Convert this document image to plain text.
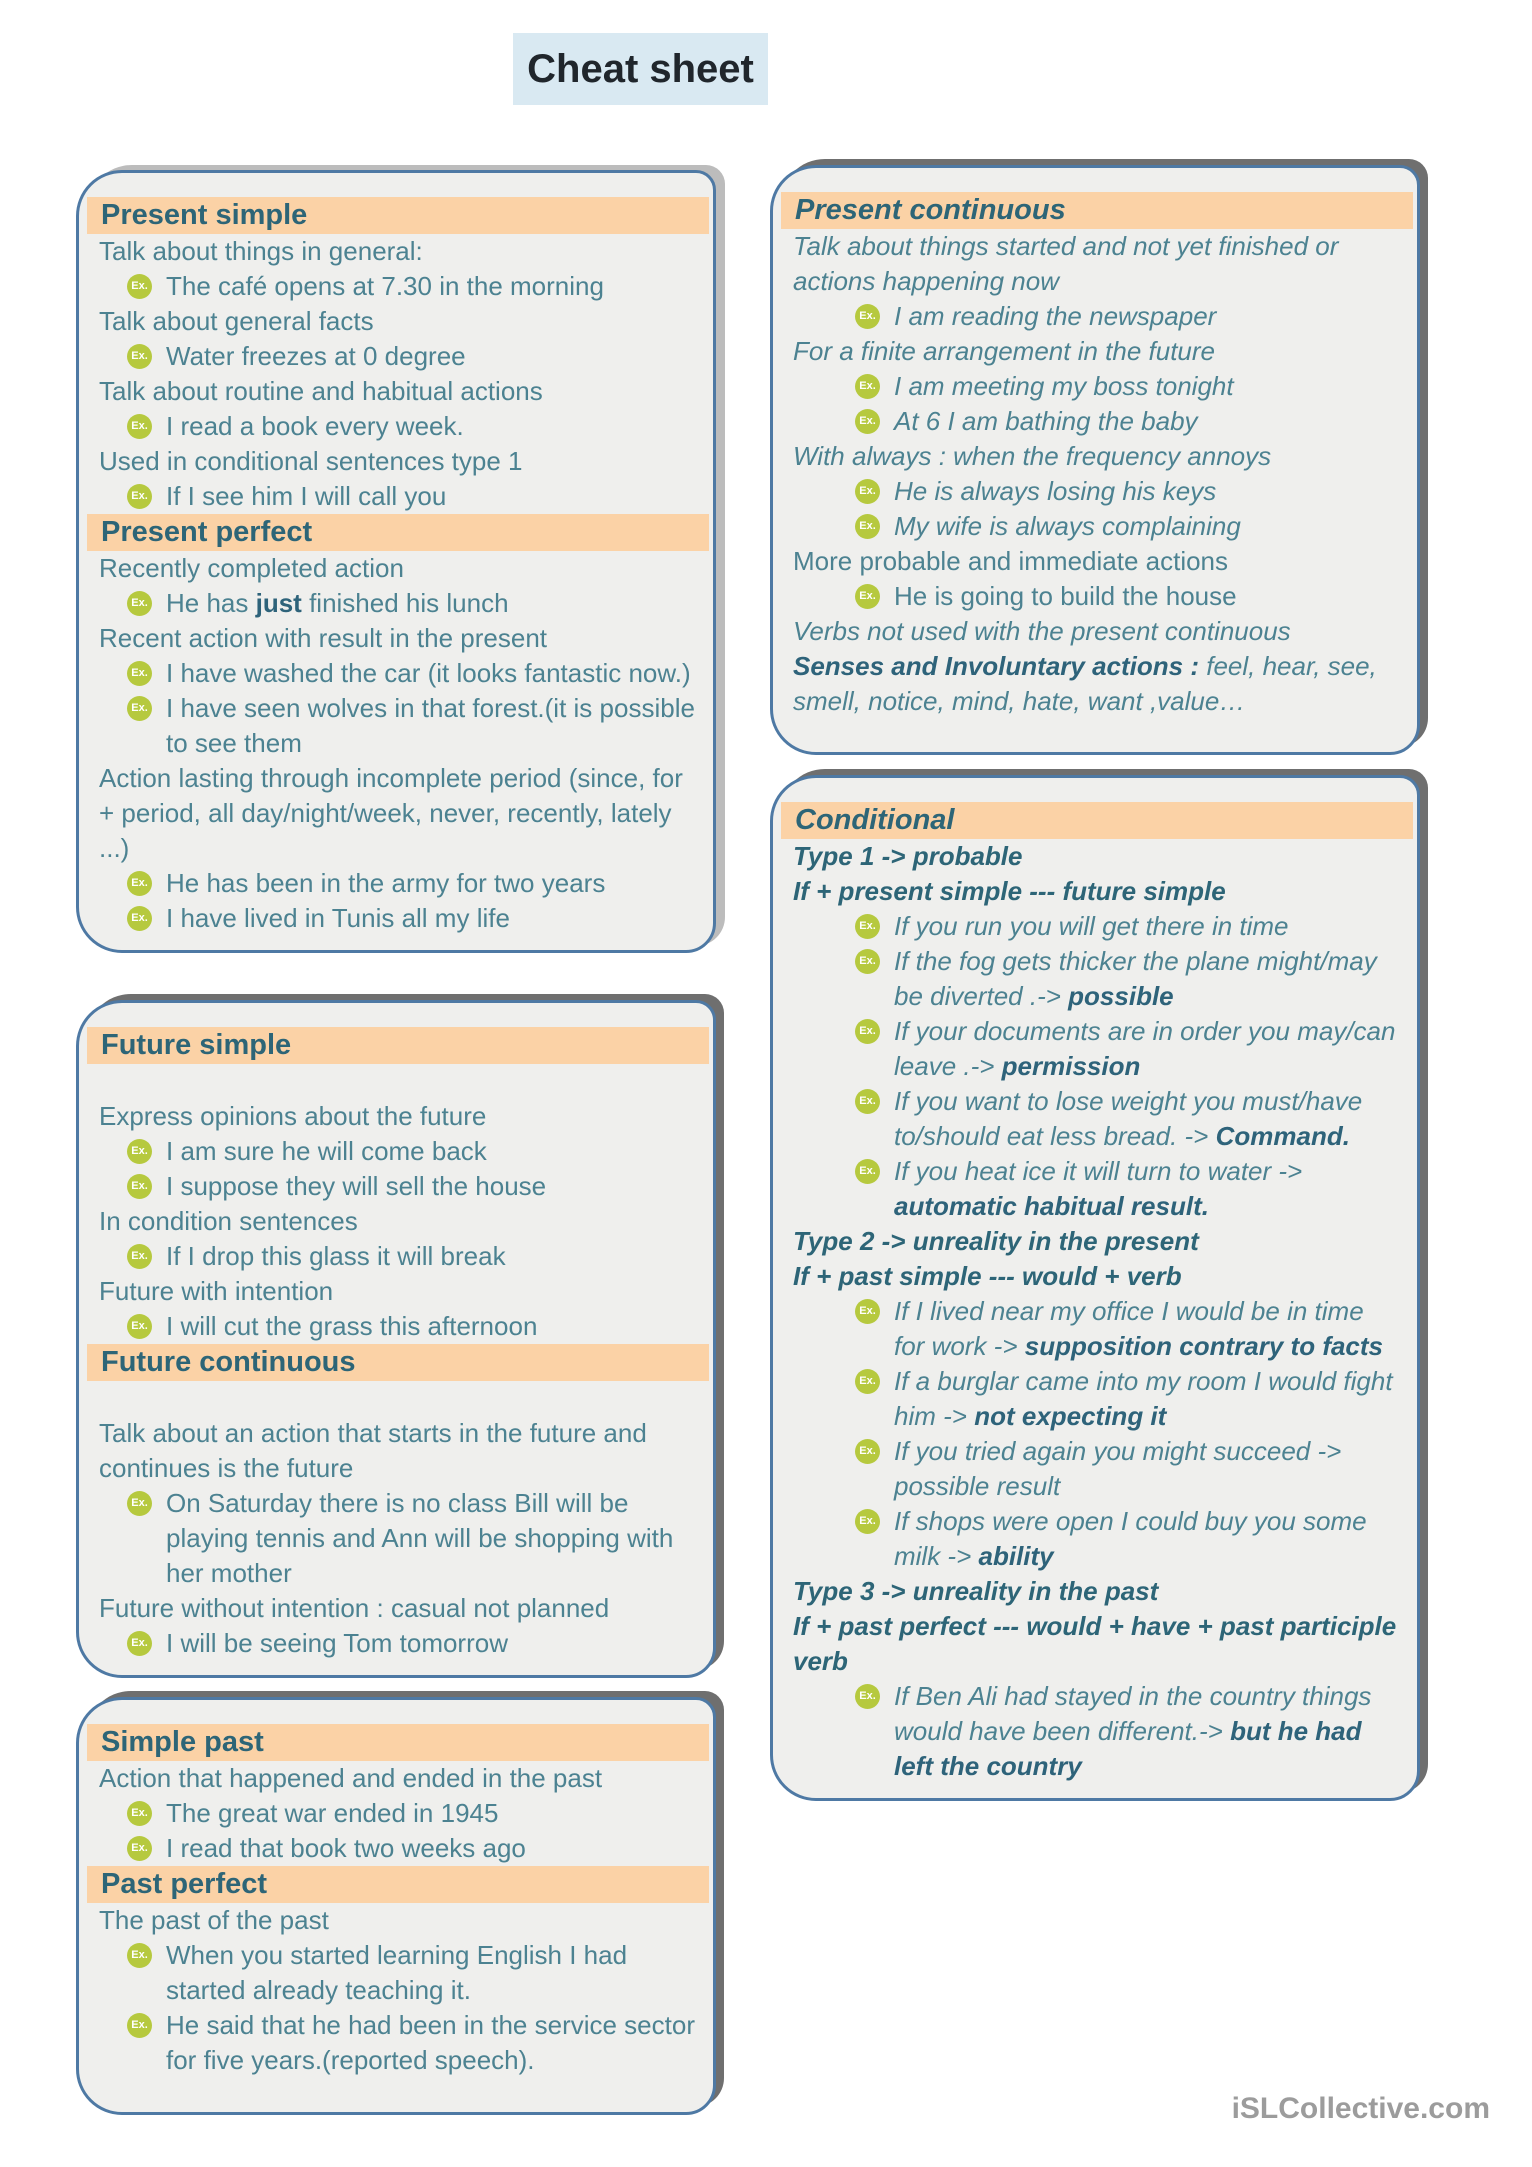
Cheat sheet
Present simple
Talk about things in general:
Ex. The café opens at 7.30 in the morning
Talk about general facts
Ex. Water freezes at 0 degree
Talk about routine and habitual actions
Ex. I read a book every week.
Used in conditional sentences type 1
Ex. If I see him I will call you
Present perfect
Recently completed action
Ex. He has just finished his lunch
Recent action with result in the present
Ex. I have washed the car (it looks fantastic now.)
Ex. I have seen wolves in that forest.(it is possible to see them
Action lasting through incomplete period (since, for + period, all day/night/week, never, recently, lately ...)
Ex. He has been in the army for two years
Ex. I have lived in Tunis all my life
Future simple
Express opinions about the future
Ex. I am sure he will come back
Ex. I suppose they will sell the house
In condition sentences
Ex. If I drop this glass it will break
Future with intention
Ex. I will cut the grass this afternoon
Future continuous
Talk about an action that starts in the future and continues is the future
Ex. On Saturday there is no class Bill will be playing tennis and Ann will be shopping with her mother
Future without intention : casual not planned
Ex. I will be seeing Tom tomorrow
Simple past
Action that happened and ended in the past
Ex. The great war ended in 1945
Ex. I read that book two weeks ago
Past perfect
The past of the past
Ex. When you started learning English I had started already teaching it.
Ex. He said that he had been in the service sector for five years.(reported speech).
Present continuous
Talk about things started and not yet finished or actions happening now
Ex. I am reading the newspaper
For a finite arrangement in the future
Ex. I am meeting my boss tonight
Ex. At 6 I am bathing the baby
With always : when the frequency annoys
Ex. He is always losing his keys
Ex. My wife is always complaining
More probable and immediate actions
Ex. He is going to build the house
Verbs not used with the present continuous
Senses and Involuntary actions : feel, hear, see, smell, notice, mind, hate, want ,value…
Conditional
Type 1 -> probable
If + present simple --- future simple
Ex. If you run you will get there in time
Ex. If the fog gets thicker the plane might/may be diverted .-> possible
Ex. If your documents are in order you may/can leave .-> permission
Ex. If you want to lose weight you must/have to/should eat less bread. -> Command.
Ex. If you heat ice it will turn to water -> automatic habitual result.
Type 2 -> unreality in the present
If + past simple --- would + verb
Ex. If I lived near my office I would be in time for work -> supposition contrary to facts
Ex. If a burglar came into my room I would fight him -> not expecting it
Ex. If you tried again you might succeed -> possible result
Ex. If shops were open I could buy you some milk -> ability
Type 3 -> unreality in the past
If + past perfect --- would + have + past participle verb
Ex. If Ben Ali had stayed in the country things would have been different.-> but he had left the country
iSLCollective.com
